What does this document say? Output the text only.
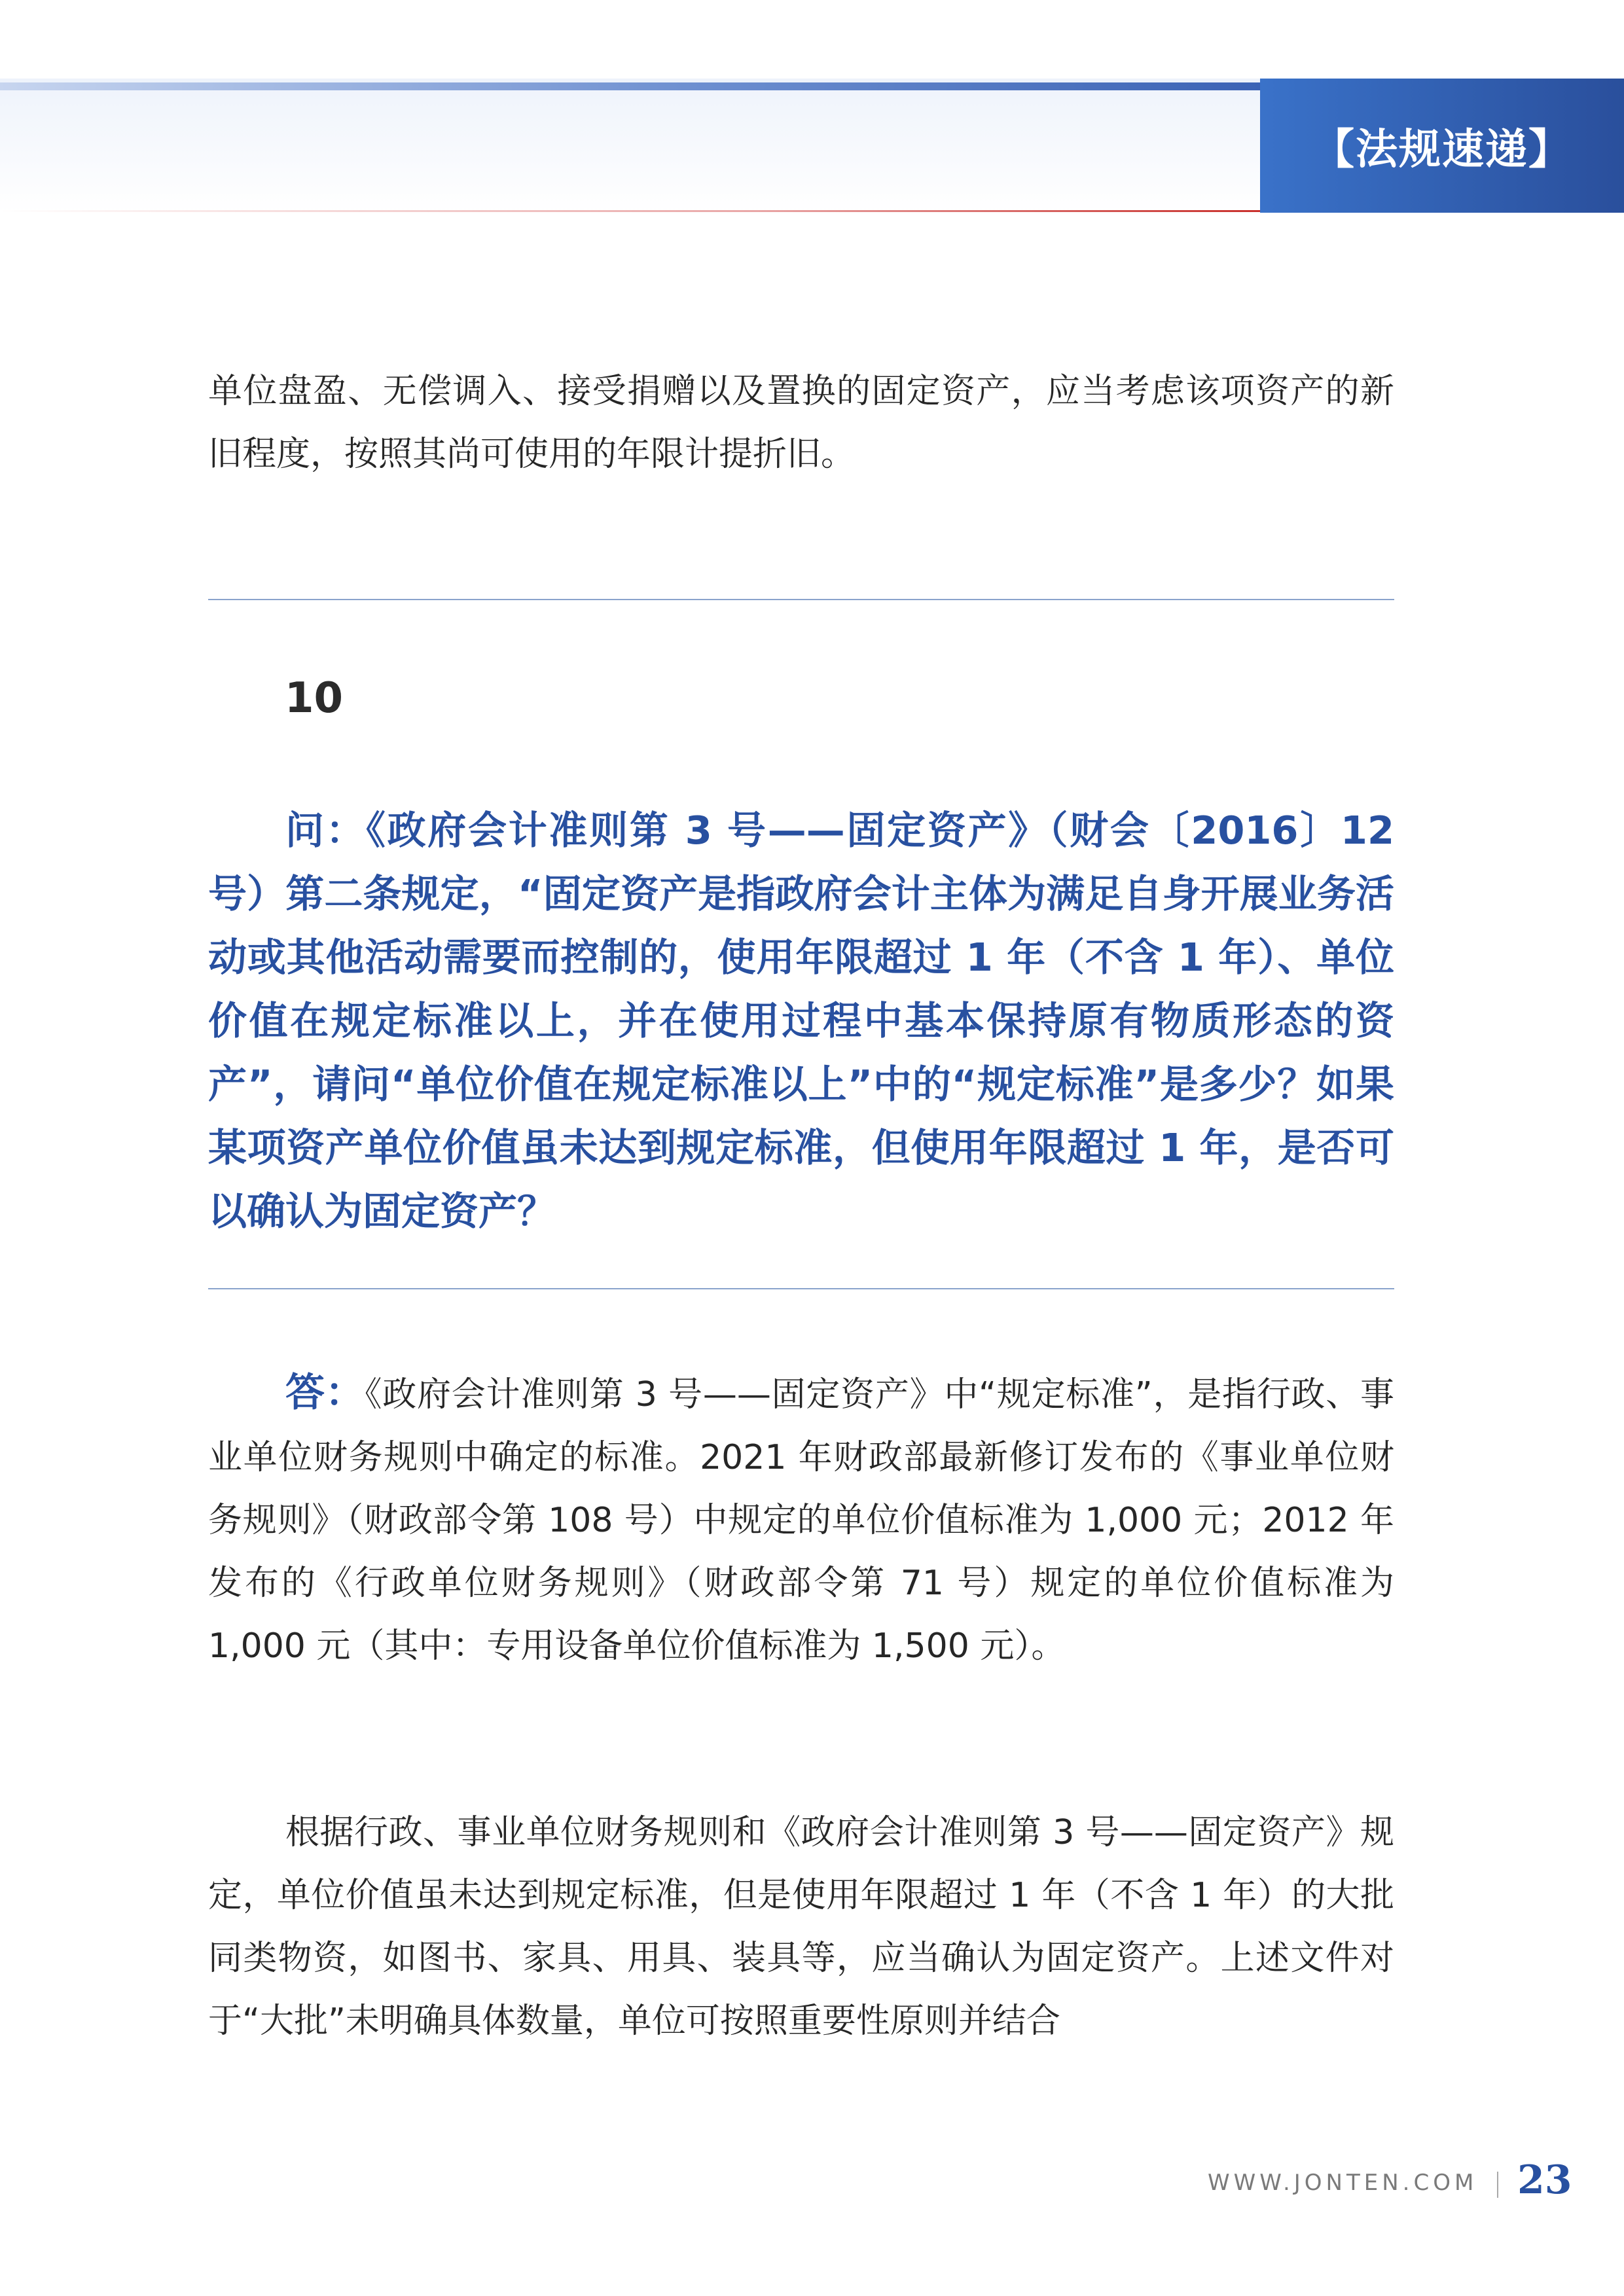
【法规速递】

单位盘盈、无偿调入、接受捐赠以及置换的固定资产，应当考虑该项资产的新旧程度，按照其尚可使用的年限计提折旧。

10

问：《政府会计准则第 3 号——固定资产》（财会〔2016〕12 号）第二条规定，“固定资产是指政府会计主体为满足自身开展业务活动或其他活动需要而控制的，使用年限超过 1 年（不含 1 年）、单位价值在规定标准以上，并在使用过程中基本保持原有物质形态的资产”，请问“单位价值在规定标准以上”中的“规定标准”是多少？如果某项资产单位价值虽未达到规定标准，但使用年限超过 1 年，是否可以确认为固定资产？

答：《政府会计准则第 3 号——固定资产》中“规定标准”，是指行政、事业单位财务规则中确定的标准。2021 年财政部最新修订发布的《事业单位财务规则》（财政部令第 108 号）中规定的单位价值标准为 1,000 元；2012 年发布的《行政单位财务规则》（财政部令第 71 号）规定的单位价值标准为 1,000 元（其中：专用设备单位价值标准为 1,500 元）。

根据行政、事业单位财务规则和《政府会计准则第 3 号——固定资产》规定，单位价值虽未达到规定标准，但是使用年限超过 1 年（不含 1 年）的大批同类物资，如图书、家具、用具、装具等，应当确认为固定资产。上述文件对于“大批”未明确具体数量，单位可按照重要性原则并结合

WWW.JONTEN.COM 23
